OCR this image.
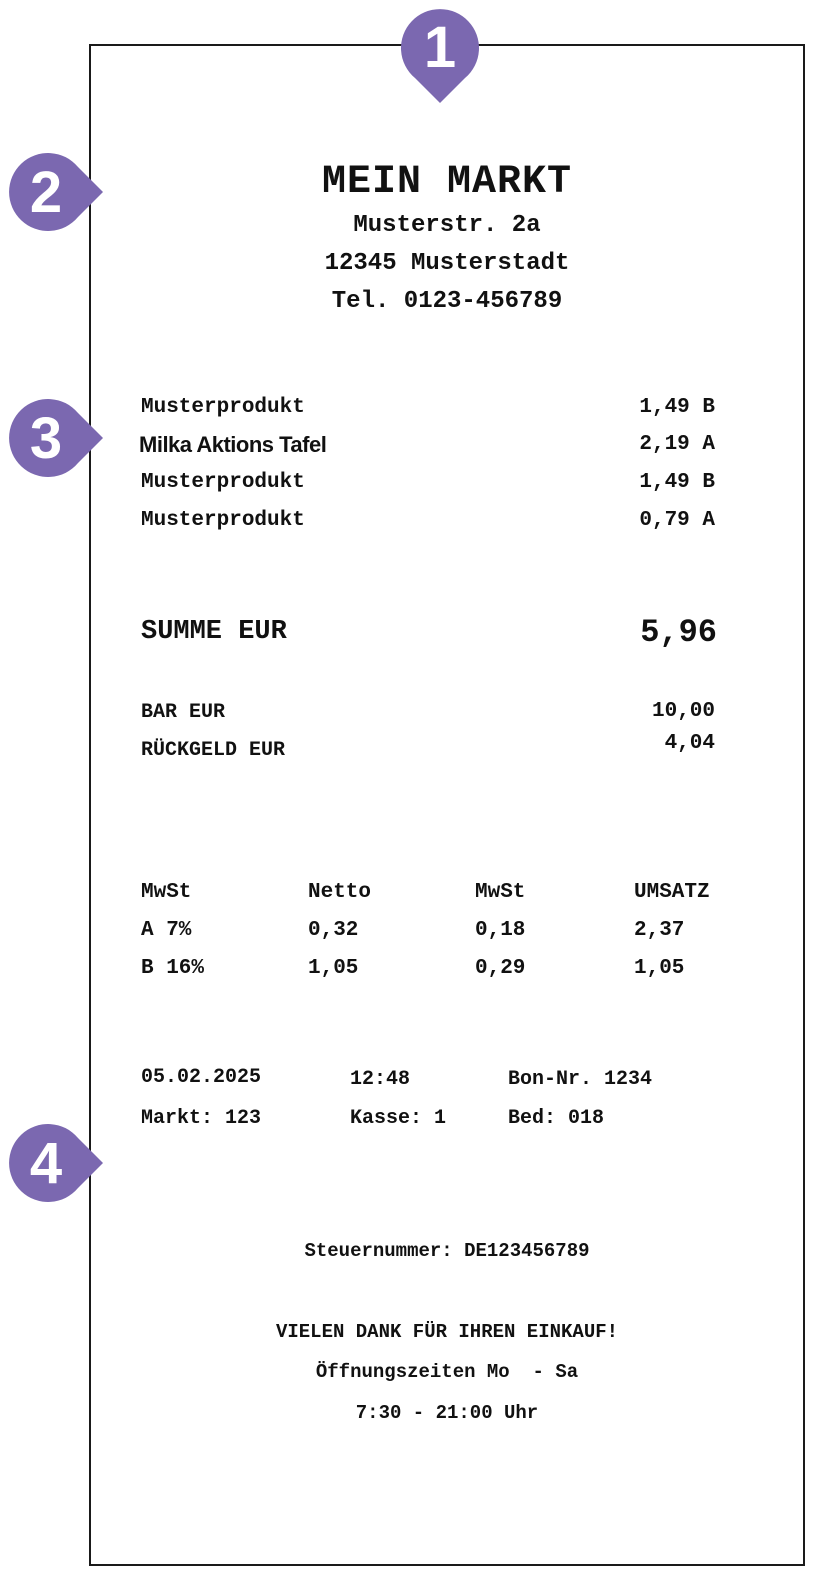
MEIN MARKT
Musterstr. 2a
12345 Musterstadt
Tel. 0123-456789
Musterprodukt	1,49 B
Milka Aktions Tafel	2,19 A
Musterprodukt	1,49 B
Musterprodukt	0,79 A
SUMME EUR	5,96
BAR EUR	10,00
RÜCKGELD EUR	4,04
MwSt	Netto	MwSt	UMSATZ
A 7%	0,32	0,18	2,37
B 16%	1,05	0,29	1,05
05.02.2025	12:48	Bon-Nr. 1234
Markt: 123	Kasse: 1	Bed: 018
Steuernummer: DE123456789
VIELEN DANK FÜR IHREN EINKAUF!
Öffnungszeiten Mo  - Sa
7:30 - 21:00 Uhr
1
2
3
4
